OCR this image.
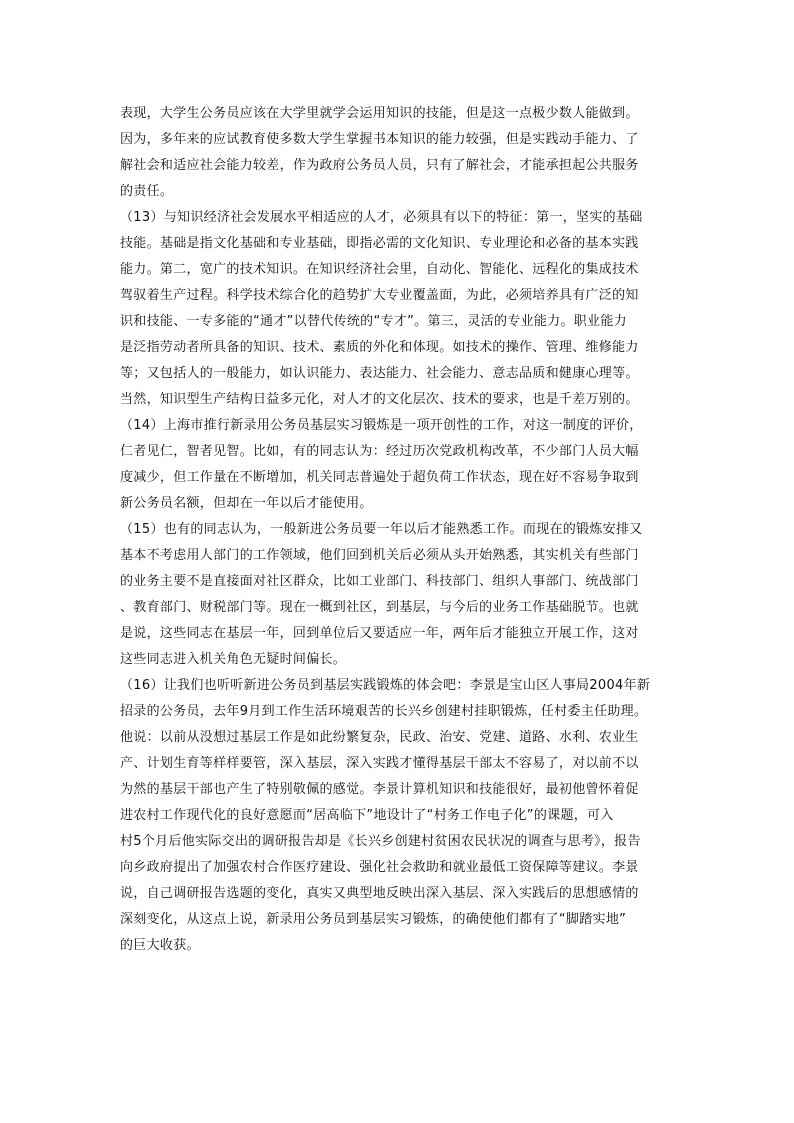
表现，大学生公务员应该在大学里就学会运用知识的技能，但是这一点极少数人能做到。
因为，多年来的应试教育使多数大学生掌握书本知识的能力较强，但是实践动手能力、了
解社会和适应社会能力较差，作为政府公务员人员，只有了解社会，才能承担起公共服务
的责任。
（13）与知识经济社会发展水平相适应的人才，必须具有以下的特征：第一，坚实的基础
技能。基础是指文化基础和专业基础，即指必需的文化知识、专业理论和必备的基本实践
能力。第二，宽广的技术知识。在知识经济社会里，自动化、智能化、远程化的集成技术
驾驭着生产过程。科学技术综合化的趋势扩大专业覆盖面，为此，必须培养具有广泛的知
识和技能、一专多能的“通才”以替代传统的“专才”。第三，灵活的专业能力。职业能力
是泛指劳动者所具备的知识、技术、素质的外化和体现。如技术的操作、管理、维修能力
等；又包括人的一般能力，如认识能力、表达能力、社会能力、意志品质和健康心理等。
当然，知识型生产结构日益多元化，对人才的文化层次、技术的要求，也是千差万别的。
（14）上海市推行新录用公务员基层实习锻炼是一项开创性的工作，对这一制度的评价，
仁者见仁，智者见智。比如，有的同志认为：经过历次党政机构改革，不少部门人员大幅
度减少，但工作量在不断增加，机关同志普遍处于超负荷工作状态，现在好不容易争取到
新公务员名额，但却在一年以后才能使用。
（15）也有的同志认为，一般新进公务员要一年以后才能熟悉工作。而现在的锻炼安排又
基本不考虑用人部门的工作领域，他们回到机关后必须从头开始熟悉，其实机关有些部门
的业务主要不是直接面对社区群众，比如工业部门、科技部门、组织人事部门、统战部门
、教育部门、财税部门等。现在一概到社区，到基层，与今后的业务工作基础脱节。也就
是说，这些同志在基层一年，回到单位后又要适应一年，两年后才能独立开展工作，这对
这些同志进入机关角色无疑时间偏长。
（16）让我们也听听新进公务员到基层实践锻炼的体会吧：李景是宝山区人事局2004年新
招录的公务员，去年9月到工作生活环境艰苦的长兴乡创建村挂职锻炼，任村委主任助理。
他说：以前从没想过基层工作是如此纷繁复杂，民政、治安、党建、道路、水利、农业生
产、计划生育等样样要管，深入基层，深入实践才懂得基层干部太不容易了，对以前不以
为然的基层干部也产生了特别敬佩的感觉。李景计算机知识和技能很好，最初他曾怀着促
进农村工作现代化的良好意愿而“居高临下”地设计了“村务工作电子化”的课题，可入
村5个月后他实际交出的调研报告却是《长兴乡创建村贫困农民状况的调查与思考》，报告
向乡政府提出了加强农村合作医疗建设、强化社会救助和就业最低工资保障等建议。李景
说，自己调研报告选题的变化，真实又典型地反映出深入基层、深入实践后的思想感情的
深刻变化，从这点上说，新录用公务员到基层实习锻炼，的确使他们都有了“脚踏实地”
的巨大收获。
